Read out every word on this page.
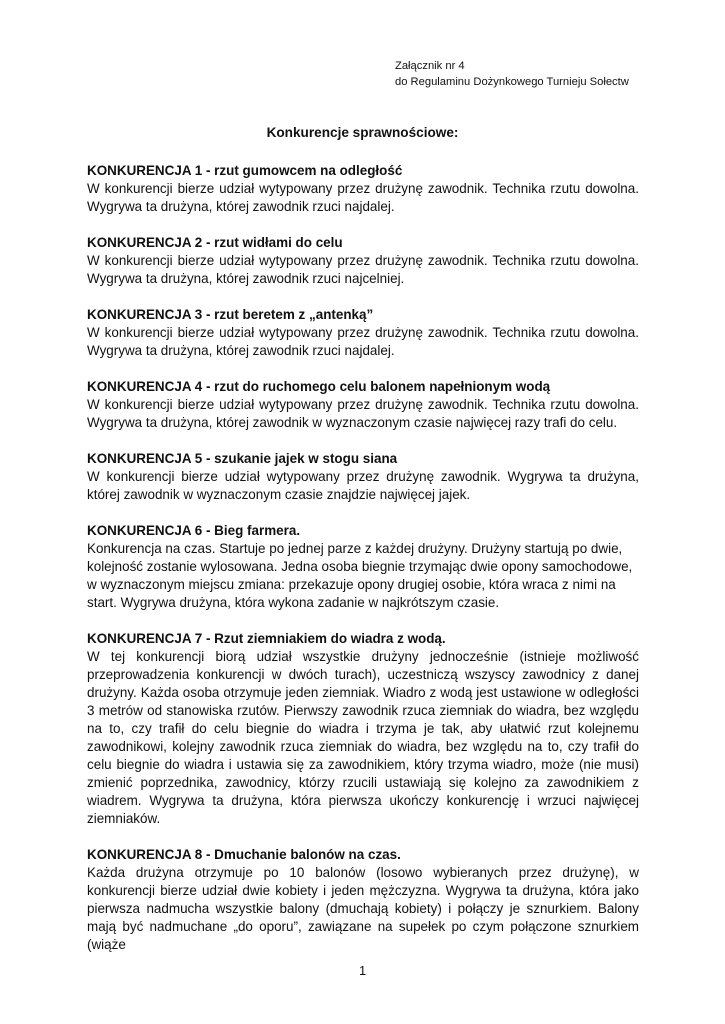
Załącznik nr 4
do Regulaminu Dożynkowego Turnieju Sołectw
Konkurencje sprawnościowe:
KONKURENCJA 1 - rzut gumowcem na odległość

W konkurencji bierze udział wytypowany przez drużynę zawodnik. Technika rzutu dowolna. Wygrywa ta drużyna, której zawodnik rzuci najdalej.

KONKURENCJA 2 - rzut widłami do celu

W konkurencji bierze udział wytypowany przez drużynę zawodnik. Technika rzutu dowolna. Wygrywa ta drużyna, której zawodnik rzuci najcelniej.

KONKURENCJA 3 - rzut beretem z „antenką”

W konkurencji bierze udział wytypowany przez drużynę zawodnik. Technika rzutu dowolna. Wygrywa ta drużyna, której zawodnik rzuci najdalej.

KONKURENCJA 4 - rzut do ruchomego celu balonem napełnionym wodą

W konkurencji bierze udział wytypowany przez drużynę zawodnik. Technika rzutu dowolna. Wygrywa ta drużyna, której zawodnik w wyznaczonym czasie najwięcej razy trafi do celu.

KONKURENCJA 5 - szukanie jajek w stogu siana

W konkurencji bierze udział wytypowany przez drużynę zawodnik. Wygrywa ta drużyna, której zawodnik w wyznaczonym czasie znajdzie najwięcej jajek.

KONKURENCJA 6 - Bieg farmera.

Konkurencja na czas. Startuje po jednej parze z każdej drużyny. Drużyny startują po dwie,

kolejność zostanie wylosowana. Jedna osoba biegnie trzymając dwie opony samochodowe,

w wyznaczonym miejscu zmiana: przekazuje opony drugiej osobie, która wraca z nimi na

start. Wygrywa drużyna, która wykona zadanie w najkrótszym czasie.

KONKURENCJA 7 - Rzut ziemniakiem do wiadra z wodą.

W tej konkurencji biorą udział wszystkie drużyny jednocześnie (istnieje możliwość przeprowadzenia konkurencji w dwóch turach), uczestniczą wszyscy zawodnicy z danej drużyny. Każda osoba otrzymuje jeden ziemniak. Wiadro z wodą jest ustawione w odległości 3 metrów od stanowiska rzutów. Pierwszy zawodnik rzuca ziemniak do wiadra, bez względu na to, czy trafił do celu biegnie do wiadra i trzyma je tak, aby ułatwić rzut kolejnemu zawodnikowi, kolejny zawodnik rzuca ziemniak do wiadra, bez względu na to, czy trafił do celu biegnie do wiadra i ustawia się za zawodnikiem, który trzyma wiadro, może (nie musi) zmienić poprzednika, zawodnicy, którzy rzucili ustawiają się kolejno za zawodnikiem z wiadrem. Wygrywa ta drużyna, która pierwsza ukończy konkurencję i wrzuci najwięcej ziemniaków.

KONKURENCJA 8 - Dmuchanie balonów na czas.

Każda drużyna otrzymuje po 10 balonów (losowo wybieranych przez drużynę), w konkurencji bierze udział dwie kobiety i jeden mężczyzna. Wygrywa ta drużyna, która jako pierwsza nadmucha wszystkie balony (dmuchają kobiety) i połączy je sznurkiem. Balony mają być nadmuchane „do oporu”, zawiązane na supełek po czym połączone sznurkiem (wiąże

1
